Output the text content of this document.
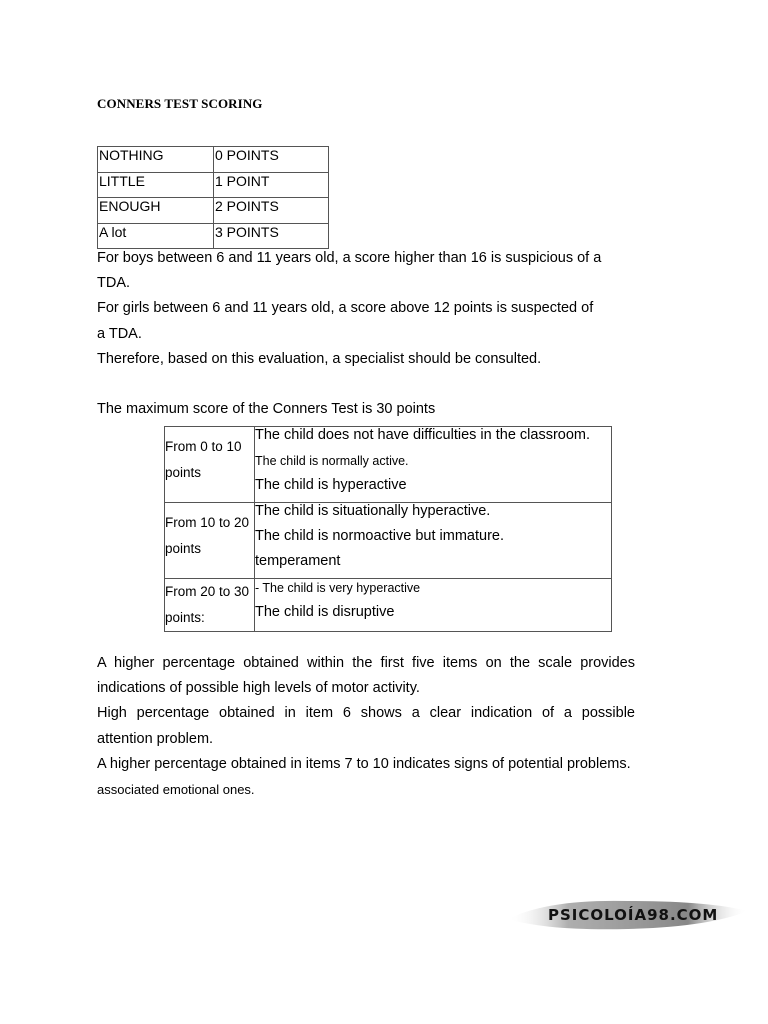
CONNERS TEST SCORING
NOTHING	0 POINTS
LITTLE	1 POINT
ENOUGH	2 POINTS
A lot	3 POINTS
For boys between 6 and 11 years old, a score higher than 16 is suspicious of a
TDA.
For girls between 6 and 11 years old, a score above 12 points is suspected of
a TDA.
Therefore, based on this evaluation, a specialist should be consulted.
The maximum score of the Conners Test is 30 points
From 0 to 10
points	The child does not have difficulties in the classroom.
The child is normally active.
The child is hyperactive

From 10 to 20
points	The child is situationally hyperactive.
The child is normoactive but immature.
temperament

From 20 to 30
points:	- The child is very hyperactive
The child is disruptive
A higher percentage obtained within the first five items on the scale provides
indications of possible high levels of motor activity.
High percentage obtained in item 6 shows a clear indication of a possible
attention problem.
A higher percentage obtained in items 7 to 10 indicates signs of potential problems.
associated emotional ones.
PSICOLOÍA98.COM
